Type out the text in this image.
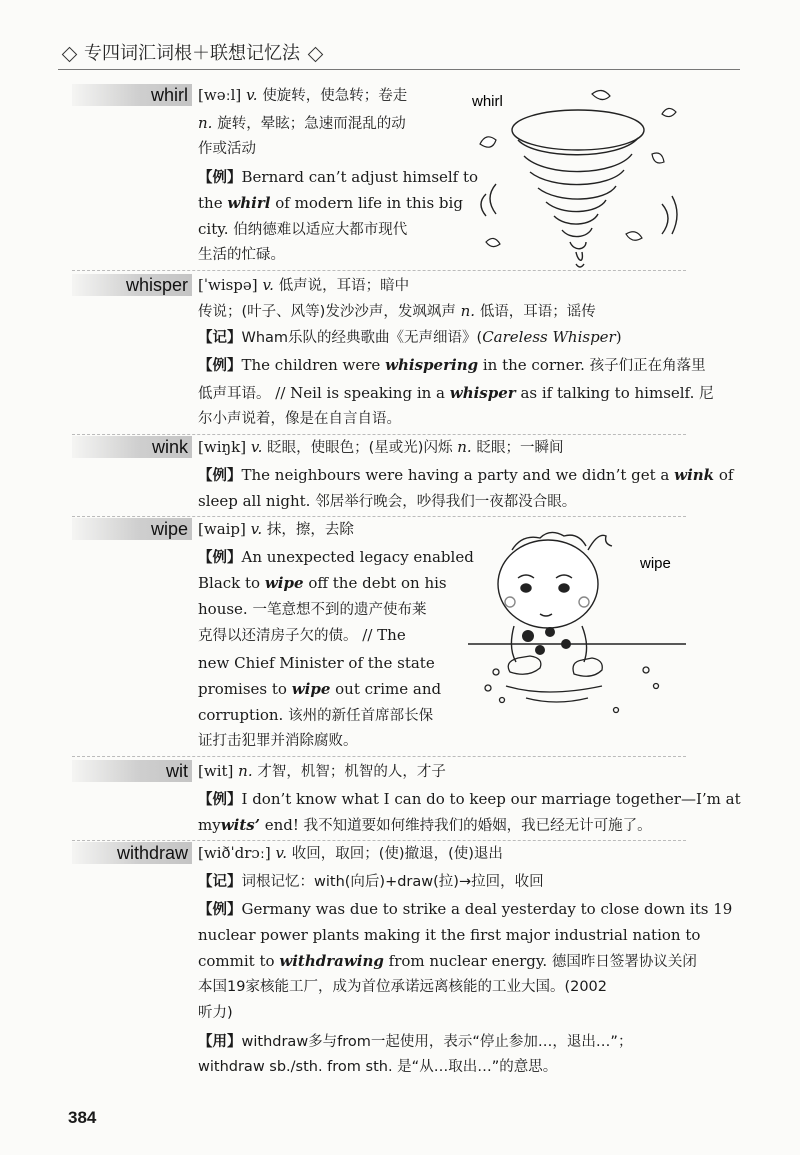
专四词汇词根＋联想记忆法
whirl [wəːl] v. 使旋转，使急转；卷走
n. 旋转，晕眩；急速而混乱的动
作或活动
【例】Bernard can’t adjust himself to
the whirl of modern life in this big
city. 伯纳德难以适应大都市现代
生活的忙碌。
whirl
whisper [ˈwispə] v. 低声说，耳语；暗中
传说；(叶子、风等)发沙沙声，发飒飒声 n. 低语，耳语；谣传
【记】Wham乐队的经典歌曲《无声细语》(Careless Whisper)
【例】The children were whispering in the corner. 孩子们正在角落里
低声耳语。 // Neil is speaking in a whisper as if talking to himself. 尼
尔小声说着，像是在自言自语。
wink [wiŋk] v. 眨眼，使眼色；(星或光)闪烁 n. 眨眼；一瞬间
【例】The neighbours were having a party and we didn’t get a wink of
sleep all night. 邻居举行晚会，吵得我们一夜都没合眼。
wipe [waip] v. 抹，擦，去除
【例】An unexpected legacy enabled
Black to wipe off the debt on his
house. 一笔意想不到的遗产使布莱
克得以还清房子欠的债。 // The
new Chief Minister of the state
promises to wipe out crime and
corruption. 该州的新任首席部长保
证打击犯罪并消除腐败。
wipe
wit [wit] n. 才智，机智；机智的人，才子
【例】I don’t know what I can do to keep our marriage together—I’m at
mywits’ end! 我不知道要如何维持我们的婚姻，我已经无计可施了。
withdraw [wiðˈdrɔː] v. 收回，取回；(使)撤退，(使)退出
【记】词根记忆：with(向后)+draw(拉)→拉回，收回
【例】Germany was due to strike a deal yesterday to close down its 19
nuclear power plants making it the first major industrial nation to
commit to withdrawing from nuclear energy. 德国昨日签署协议关闭
本国19家核能工厂，成为首位承诺远离核能的工业大国。(2002
听力)
【用】withdraw多与from一起使用，表示“停止参加…，退出…”；
withdraw sb./sth. from sth. 是“从…取出…”的意思。
384
